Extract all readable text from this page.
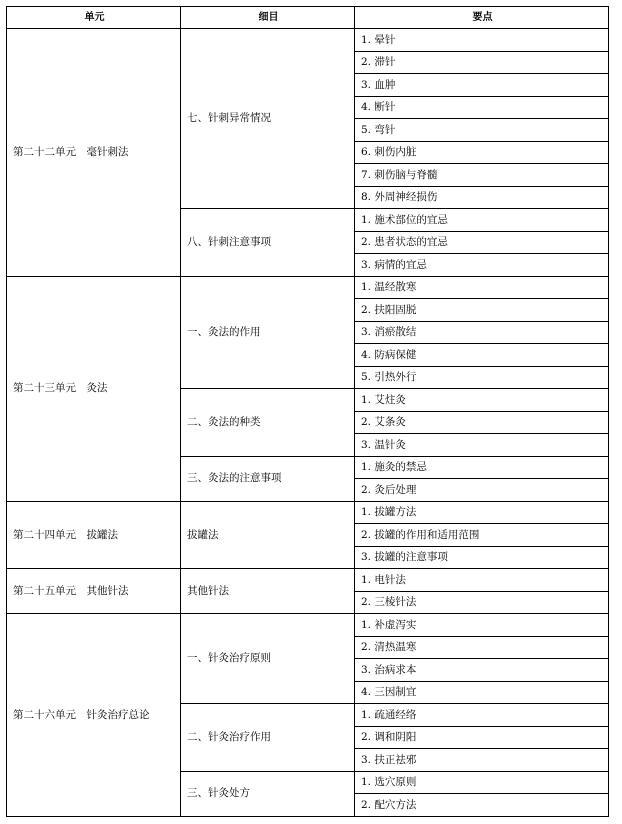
单元	细目	要点
第二十二单元　毫针刺法	七、针刺异常情况	1. 晕针
		2. 滞针
		3. 血肿
		4. 断针
		5. 弯针
		6. 刺伤内脏
		7. 刺伤脑与脊髓
		8. 外周神经损伤
	八、针刺注意事项	1. 施术部位的宜忌
		2. 患者状态的宜忌
		3. 病情的宜忌
第二十三单元　灸法	一、灸法的作用	1. 温经散寒
		2. 扶阳固脱
		3. 消瘀散结
		4. 防病保健
		5. 引热外行
	二、灸法的种类	1. 艾炷灸
		2. 艾条灸
		3. 温针灸
	三、灸法的注意事项	1. 施灸的禁忌
		2. 灸后处理
第二十四单元　拔罐法	拔罐法	1. 拔罐方法
		2. 拔罐的作用和适用范围
		3. 拔罐的注意事项
第二十五单元　其他针法	其他针法	1. 电针法
		2. 三棱针法
第二十六单元　针灸治疗总论	一、针灸治疗原则	1. 补虚泻实
		2. 清热温寒
		3. 治病求本
		4. 三因制宜
	二、针灸治疗作用	1. 疏通经络
		2. 调和阴阳
		3. 扶正祛邪
	三、针灸处方	1. 选穴原则
		2. 配穴方法
